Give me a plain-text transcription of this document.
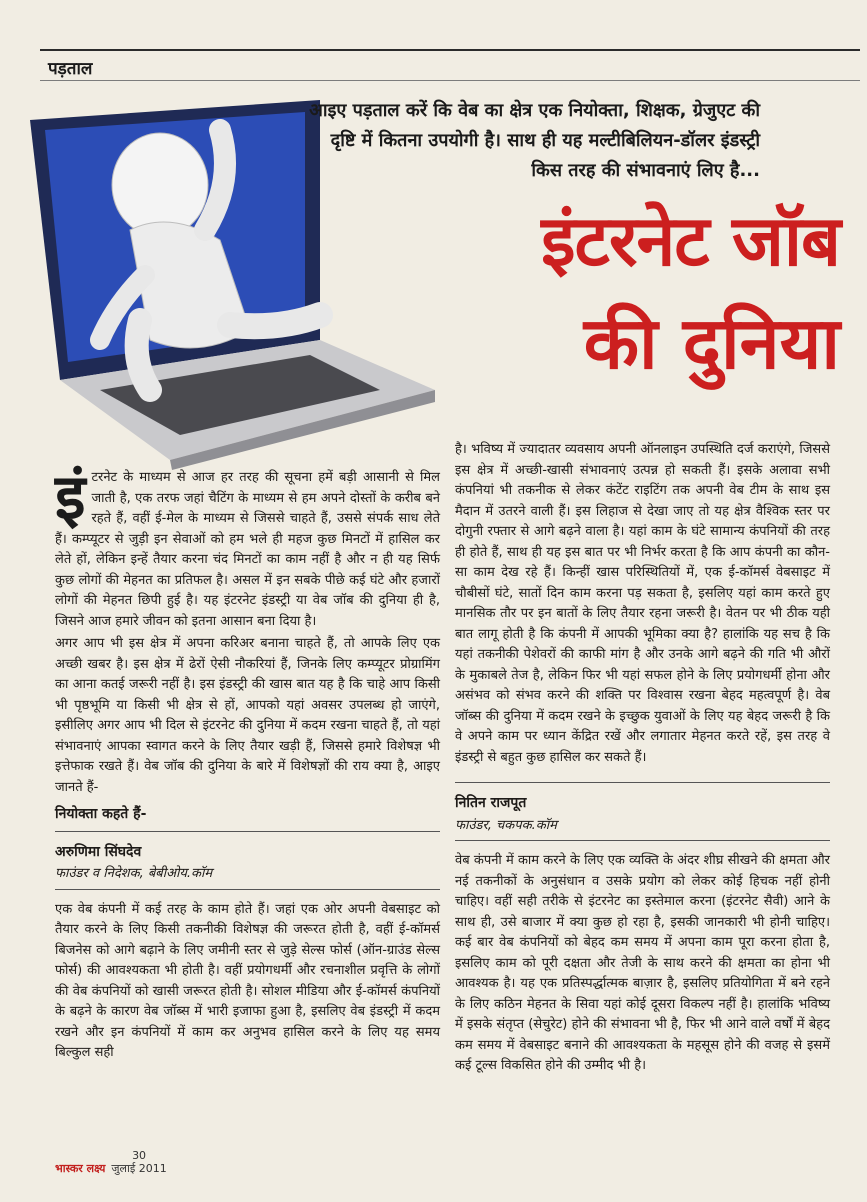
पड़ताल
आइए पड़ताल करें कि वेब का क्षेत्र एक नियोक्ता, शिक्षक, ग्रेजुएट की दृष्टि में कितना उपयोगी है। साथ ही यह मल्टीबिलियन-डॉलर इंडस्ट्री किस तरह की संभावनाएं लिए है...
इंटरनेट जॉब
की दुनिया

इंटरनेट के माध्यम से आज हर तरह की सूचना हमें बड़ी आसानी से मिल जाती है, एक तरफ जहां चैटिंग के माध्यम से हम अपने दोस्तों के करीब बने रहते हैं, वहीं ई-मेल के माध्यम से जिससे चाहते हैं, उससे संपर्क साध लेते हैं। कम्प्यूटर से जुड़ी इन सेवाओं को हम भले ही महज कुछ मिनटों में हासिल कर लेते हों, लेकिन इन्हें तैयार करना चंद मिनटों का काम नहीं है और न ही यह सिर्फ कुछ लोगों की मेहनत का प्रतिफल है। असल में इन सबके पीछे कई घंटे और हजारों लोगों की मेहनत छिपी हुई है। यह इंटरनेट इंडस्ट्री या वेब जॉब की दुनिया ही है, जिसने आज हमारे जीवन को इतना आसान बना दिया है।

अगर आप भी इस क्षेत्र में अपना करिअर बनाना चाहते हैं, तो आपके लिए एक अच्छी खबर है। इस क्षेत्र में ढेरों ऐसी नौकरियां हैं, जिनके लिए कम्प्यूटर प्रोग्रामिंग का आना कतई जरूरी नहीं है। इस इंडस्ट्री की खास बात यह है कि चाहे आप किसी भी पृष्ठभूमि या किसी भी क्षेत्र से हों, आपको यहां अवसर उपलब्ध हो जाएंगे, इसीलिए अगर आप भी दिल से इंटरनेट की दुनिया में कदम रखना चाहते हैं, तो यहां संभावनाएं आपका स्वागत करने के लिए तैयार खड़ी हैं, जिससे हमारे विशेषज्ञ भी इत्तेफाक रखते हैं। वेब जॉब की दुनिया के बारे में विशेषज्ञों की राय क्या है, आइए जानते हैं-

नियोक्ता कहते हैं-

अरुणिमा सिंघदेव

फाउंडर व निदेशक, बेबीओय.कॉम

एक वेब कंपनी में कई तरह के काम होते हैं। जहां एक ओर अपनी वेबसाइट को तैयार करने के लिए किसी तकनीकी विशेषज्ञ की जरूरत होती है, वहीं ई-कॉमर्स बिजनेस को आगे बढ़ाने के लिए जमीनी स्तर से जुड़े सेल्स फोर्स (ऑन-ग्राउंड सेल्स फोर्स) की आवश्यकता भी होती है। वहीं प्रयोगधर्मी और रचनाशील प्रवृत्ति के लोगों की वेब कंपनियों को खासी जरूरत होती है। सोशल मीडिया और ई-कॉमर्स कंपनियों के बढ़ने के कारण वेब जॉब्स में भारी इजाफा हुआ है, इसलिए वेब इंडस्ट्री में कदम रखने और इन कंपनियों में काम कर अनुभव हासिल करने के लिए यह समय बिल्कुल सही

है। भविष्य में ज्यादातर व्यवसाय अपनी ऑनलाइन उपस्थिति दर्ज कराएंगे, जिससे इस क्षेत्र में अच्छी-खासी संभावनाएं उत्पन्न हो सकती हैं। इसके अलावा सभी कंपनियां भी तकनीक से लेकर कंटेंट राइटिंग तक अपनी वेब टीम के साथ इस मैदान में उतरने वाली हैं। इस लिहाज से देखा जाए तो यह क्षेत्र वैश्विक स्तर पर दोगुनी रफ्तार से आगे बढ़ने वाला है। यहां काम के घंटे सामान्य कंपनियों की तरह ही होते हैं, साथ ही यह इस बात पर भी निर्भर करता है कि आप कंपनी का कौन-सा काम देख रहे हैं। किन्हीं खास परिस्थितियों में, एक ई-कॉमर्स वेबसाइट में चौबीसों घंटे, सातों दिन काम करना पड़ सकता है, इसलिए यहां काम करते हुए मानसिक तौर पर इन बातों के लिए तैयार रहना जरूरी है। वेतन पर भी ठीक यही बात लागू होती है कि कंपनी में आपकी भूमिका क्या है? हालांकि यह सच है कि यहां तकनीकी पेशेवरों की काफी मांग है और उनके आगे बढ़ने की गति भी औरों के मुकाबले तेज है, लेकिन फिर भी यहां सफल होने के लिए प्रयोगधर्मी होना और असंभव को संभव करने की शक्ति पर विश्वास रखना बेहद महत्वपूर्ण है। वेब जॉब्स की दुनिया में कदम रखने के इच्छुक युवाओं के लिए यह बेहद जरूरी है कि वे अपने काम पर ध्यान केंद्रित रखें और लगातार मेहनत करते रहें, इस तरह वे इंडस्ट्री से बहुत कुछ हासिल कर सकते हैं।

नितिन राजपूत

फाउंडर, चकपक.कॉम

वेब कंपनी में काम करने के लिए एक व्यक्ति के अंदर शीघ्र सीखने की क्षमता और नई तकनीकों के अनुसंधान व उसके प्रयोग को लेकर कोई हिचक नहीं होनी चाहिए। वहीं सही तरीके से इंटरनेट का इस्तेमाल करना (इंटरनेट सैवी) आने के साथ ही, उसे बाजार में क्या कुछ हो रहा है, इसकी जानकारी भी होनी चाहिए। कई बार वेब कंपनियों को बेहद कम समय में अपना काम पूरा करना होता है, इसलिए काम को पूरी दक्षता और तेजी के साथ करने की क्षमता का होना भी आवश्यक है। यह एक प्रतिस्पर्द्धात्मक बाज़ार है, इसलिए प्रतियोगिता में बने रहने के लिए कठिन मेहनत के सिवा यहां कोई दूसरा विकल्प नहीं है। हालांकि भविष्य में इसके संतृप्त (सेचुरेट) होने की संभावना भी है, फिर भी आने वाले वर्षों में बेहद कम समय में वेबसाइट बनाने की आवश्यकता के महसूस होने की वजह से इसमें कई टूल्स विकसित होने की उम्मीद भी है।

भास्कर लक्ष्य
30
जुलाई 2011
